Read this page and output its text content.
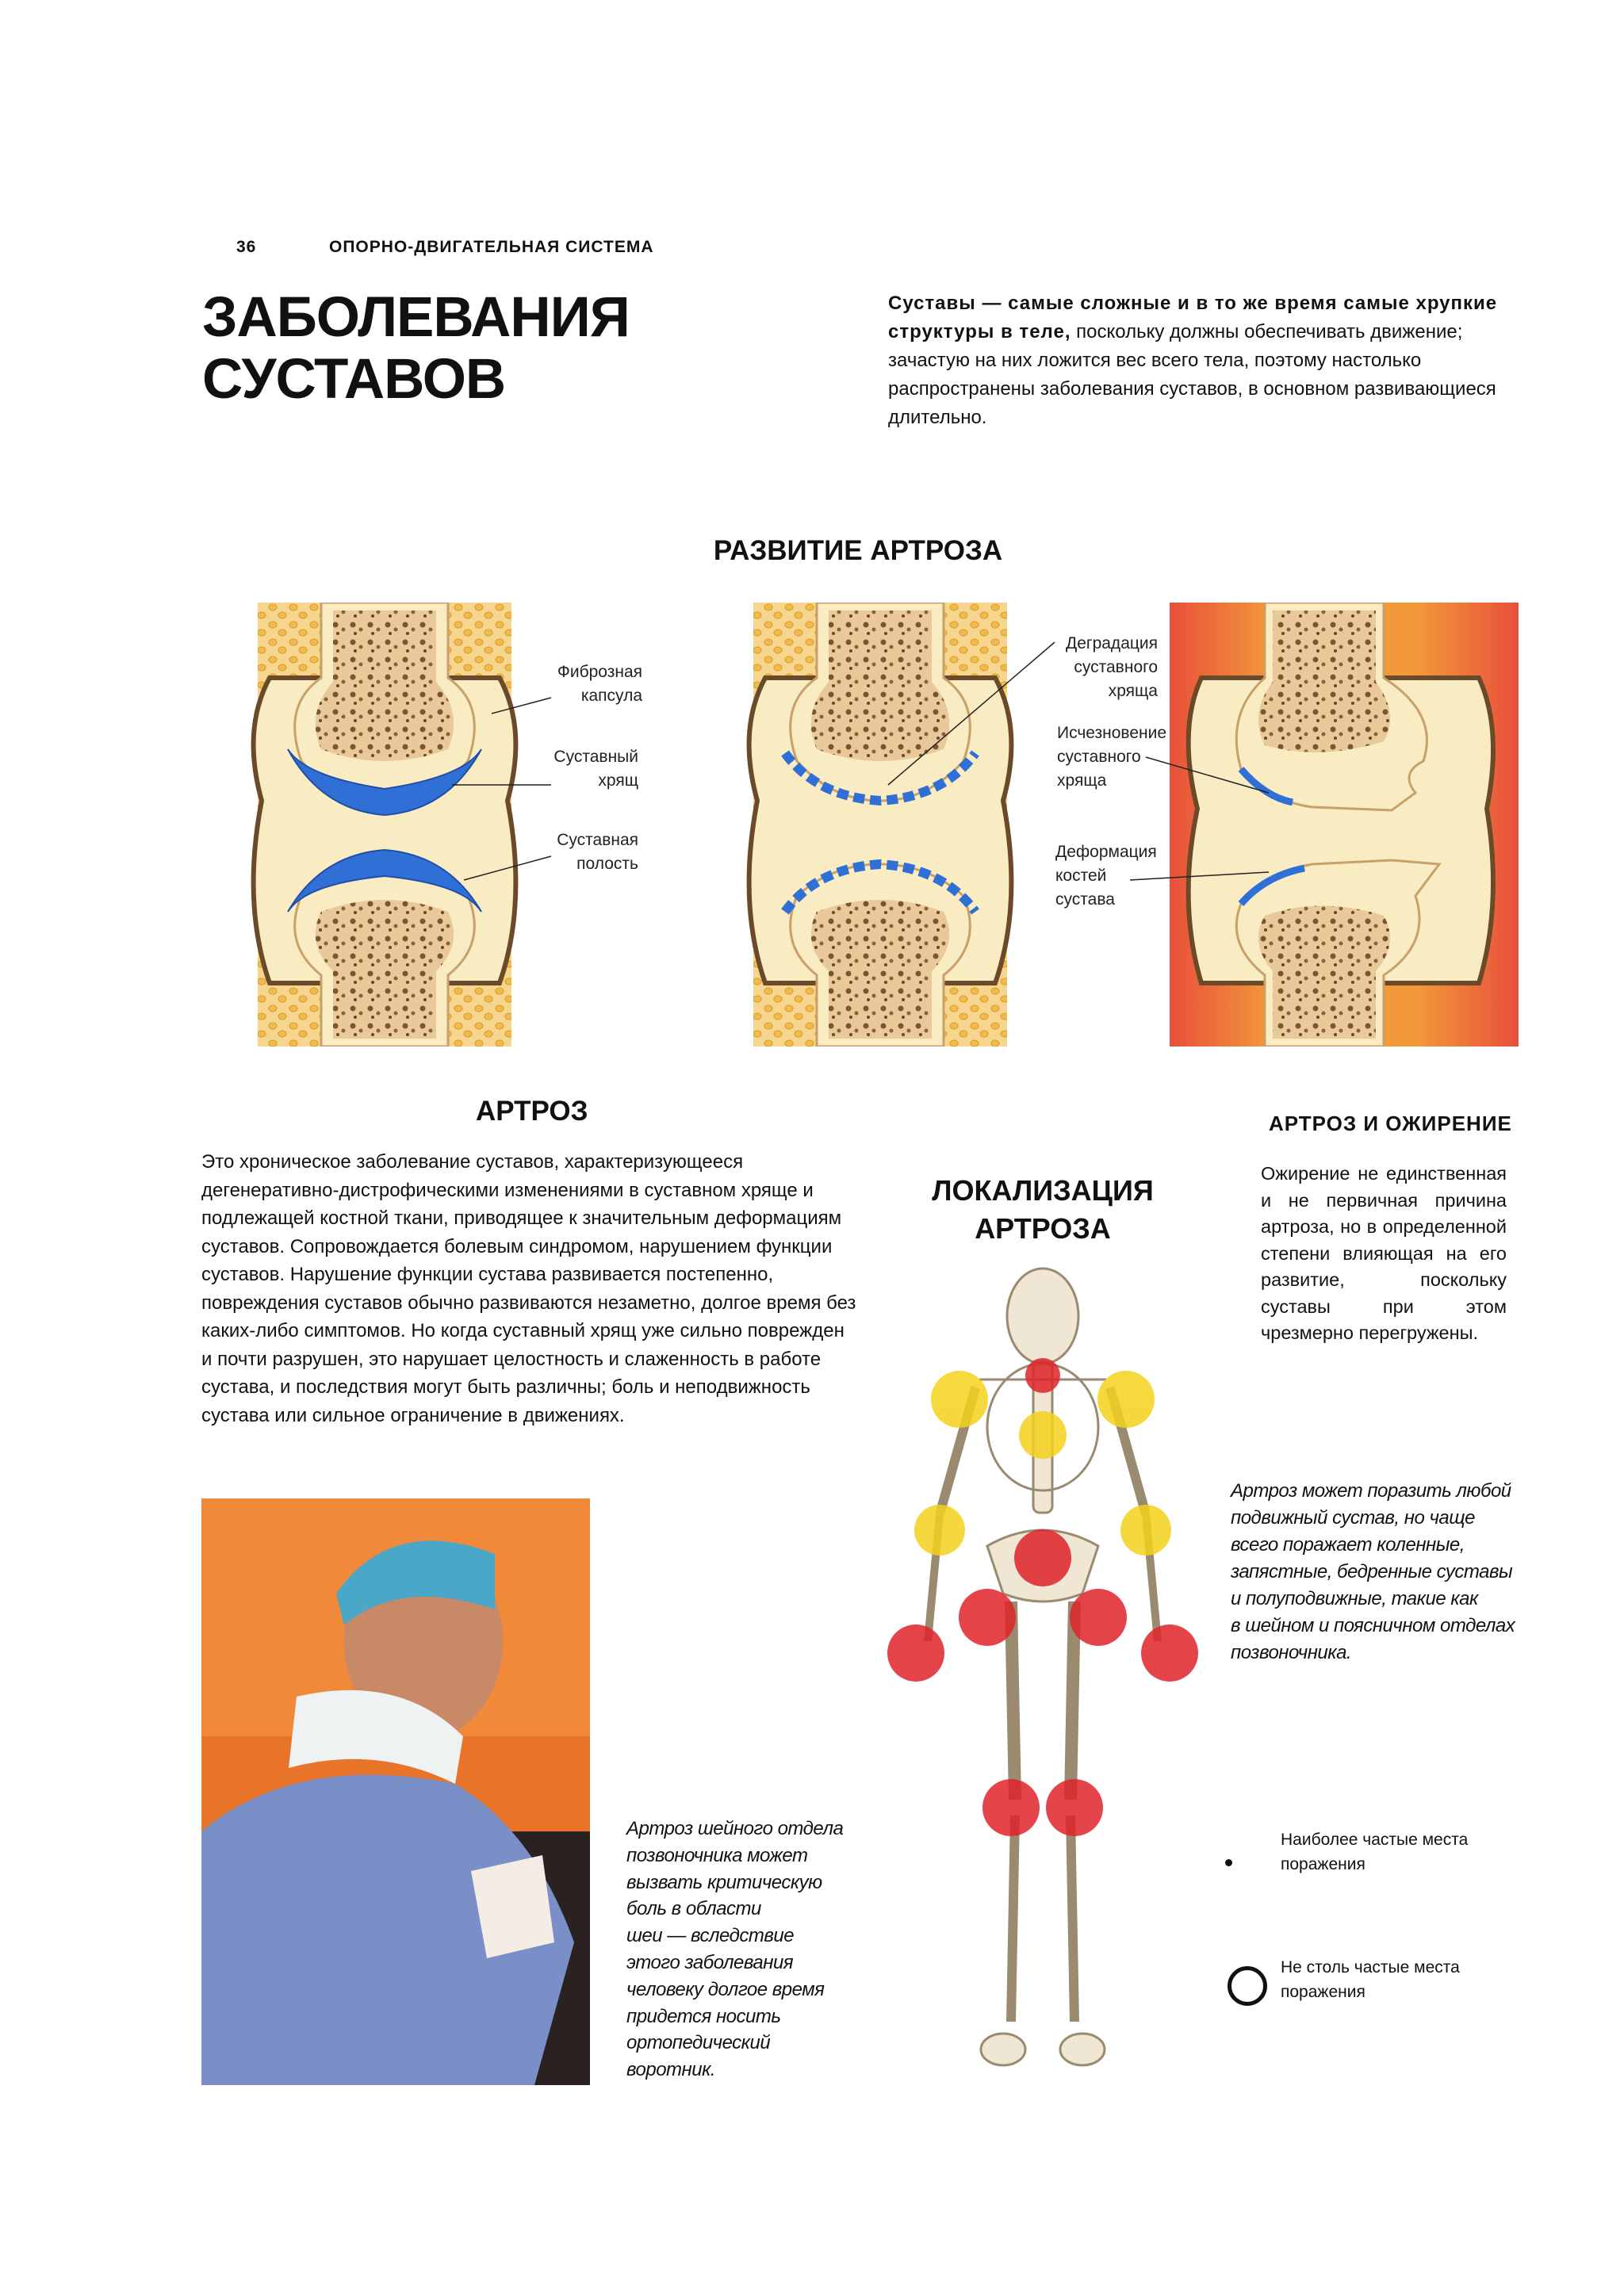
36	ОПОРНО-ДВИГАТЕЛЬНАЯ СИСТЕМА
ЗАБОЛЕВАНИЯ
СУСТАВОВ
Суставы — самые сложные и в то же время самые хрупкие структуры в теле, поскольку должны обеспечивать движение; зачастую на них ложится вес всего тела, поэтому настолько распространены заболевания суставов, в основном развивающиеся длительно.
РАЗВИТИЕ АРТРОЗА
Фиброзная
капсула
Суставный
хрящ
Суставная
полость
Деградация
суставного
хряща
Исчезновение
суставного
хряща
Деформация
костей
сустава
АРТРОЗ
Это хроническое заболевание суставов, характеризующееся дегенеративно-дистрофическими изменениями в суставном хряще и подлежащей костной ткани, приводящее к значительным деформациям суставов. Сопровождается болевым синдромом, нарушением функции суставов. Нарушение функции сустава развивается постепенно, повреждения суставов обычно развиваются незаметно, долгое время без каких-либо симптомов. Но когда суставный хрящ уже сильно поврежден и почти разрушен, это нарушает целостность и слаженность в работе сустава, и последствия могут быть различны; боль и неподвижность сустава или сильное ограничение в движениях.
Артроз шейного отдела
позвоночника может
вызвать критическую
боль в области
шеи — вследствие
этого заболевания
человеку долгое время
придется носить
ортопедический
воротник.
ЛОКАЛИЗАЦИЯ
АРТРОЗА
АРТРОЗ И ОЖИРЕНИЕ
Ожирение не единственная и не первичная причина артроза, но в определенной степени влияющая на его развитие, поскольку суставы при этом чрезмерно перегружены.
Артроз может поразить любой
подвижный сустав, но чаще
всего поражает коленные,
запястные, бедренные суставы
и полуподвижные, такие как
в шейном и поясничном отделах
позвоночника.
Наиболее частые места
поражения
Не столь частые места
поражения
